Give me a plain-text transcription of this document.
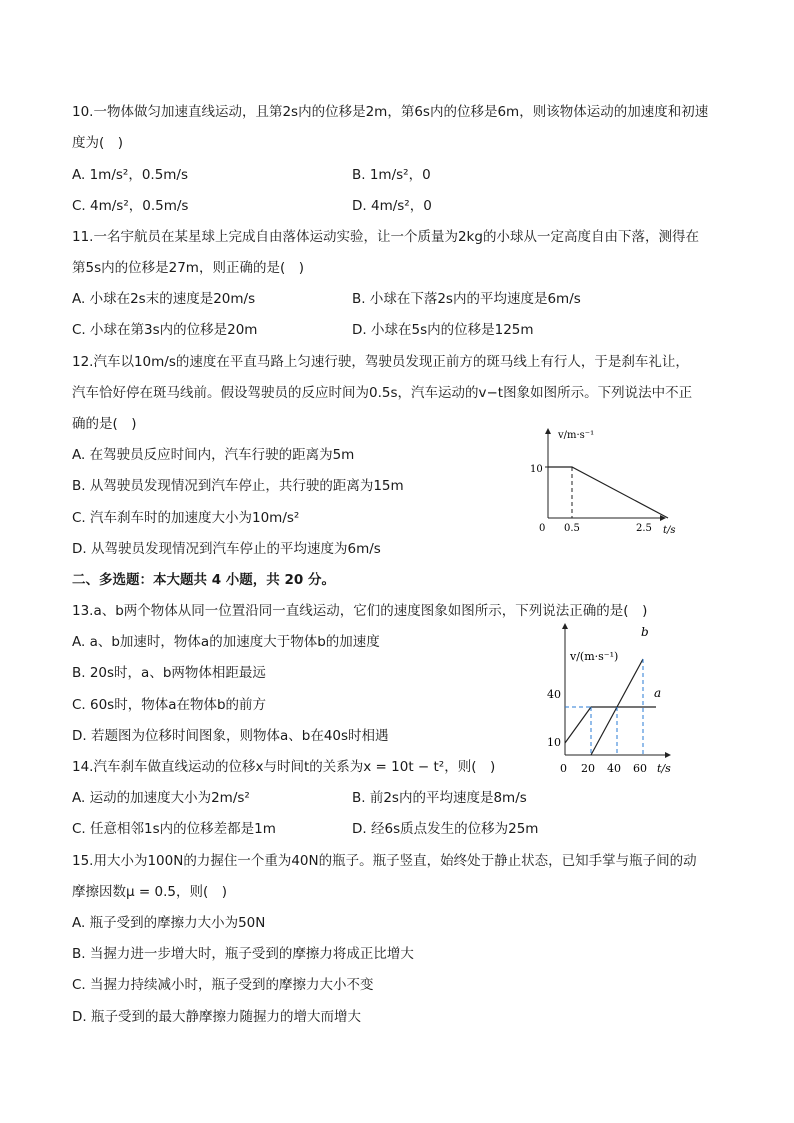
10.一物体做匀加速直线运动，且第2s内的位移是2m，第6s内的位移是6m，则该物体运动的加速度和初速
度为(　)
A. 1m/s²，0.5m/s	B. 1m/s²，0
C. 4m/s²，0.5m/s	D. 4m/s²，0
11.一名宇航员在某星球上完成自由落体运动实验，让一个质量为2kg的小球从一定高度自由下落，测得在
第5s内的位移是27m，则正确的是(　)
A. 小球在2s末的速度是20m/s	B. 小球在下落2s内的平均速度是6m/s
C. 小球在第3s内的位移是20m	D. 小球在5s内的位移是125m
12.汽车以10m/s的速度在平直马路上匀速行驶，驾驶员发现正前方的斑马线上有行人，于是刹车礼让，
汽车恰好停在斑马线前。假设驾驶员的反应时间为0.5s，汽车运动的v−t图象如图所示。下列说法中不正
确的是(　)
A. 在驾驶员反应时间内，汽车行驶的距离为5m
B. 从驾驶员发现情况到汽车停止，共行驶的距离为15m
C. 汽车刹车时的加速度大小为10m/s²
D. 从驾驶员发现情况到汽车停止的平均速度为6m/s
v/m·s⁻¹
t/s
0
10
0.5	2.5
二、多选题：本大题共 4 小题，共 20 分。
13.a、b两个物体从同一位置沿同一直线运动，它们的速度图象如图所示，下列说法正确的是(　)
A. a、b加速时，物体a的加速度大于物体b的加速度
B. 20s时，a、b两物体相距最远
C. 60s时，物体a在物体b的前方
D. 若题图为位移时间图象，则物体a、b在40s时相遇
v/(m·s⁻¹)
t/s
0
10
40
20 40 60
a
b
14.汽车刹车做直线运动的位移x与时间t的关系为x = 10t − t²，则(　)
A. 运动的加速度大小为2m/s²	B. 前2s内的平均速度是8m/s
C. 任意相邻1s内的位移差都是1m	D. 经6s质点发生的位移为25m
15.用大小为100N的力握住一个重为40N的瓶子。瓶子竖直，始终处于静止状态，已知手掌与瓶子间的动
摩擦因数μ = 0.5，则(　)
A. 瓶子受到的摩擦力大小为50N
B. 当握力进一步增大时，瓶子受到的摩擦力将成正比增大
C. 当握力持续减小时，瓶子受到的摩擦力大小不变
D. 瓶子受到的最大静摩擦力随握力的增大而增大
